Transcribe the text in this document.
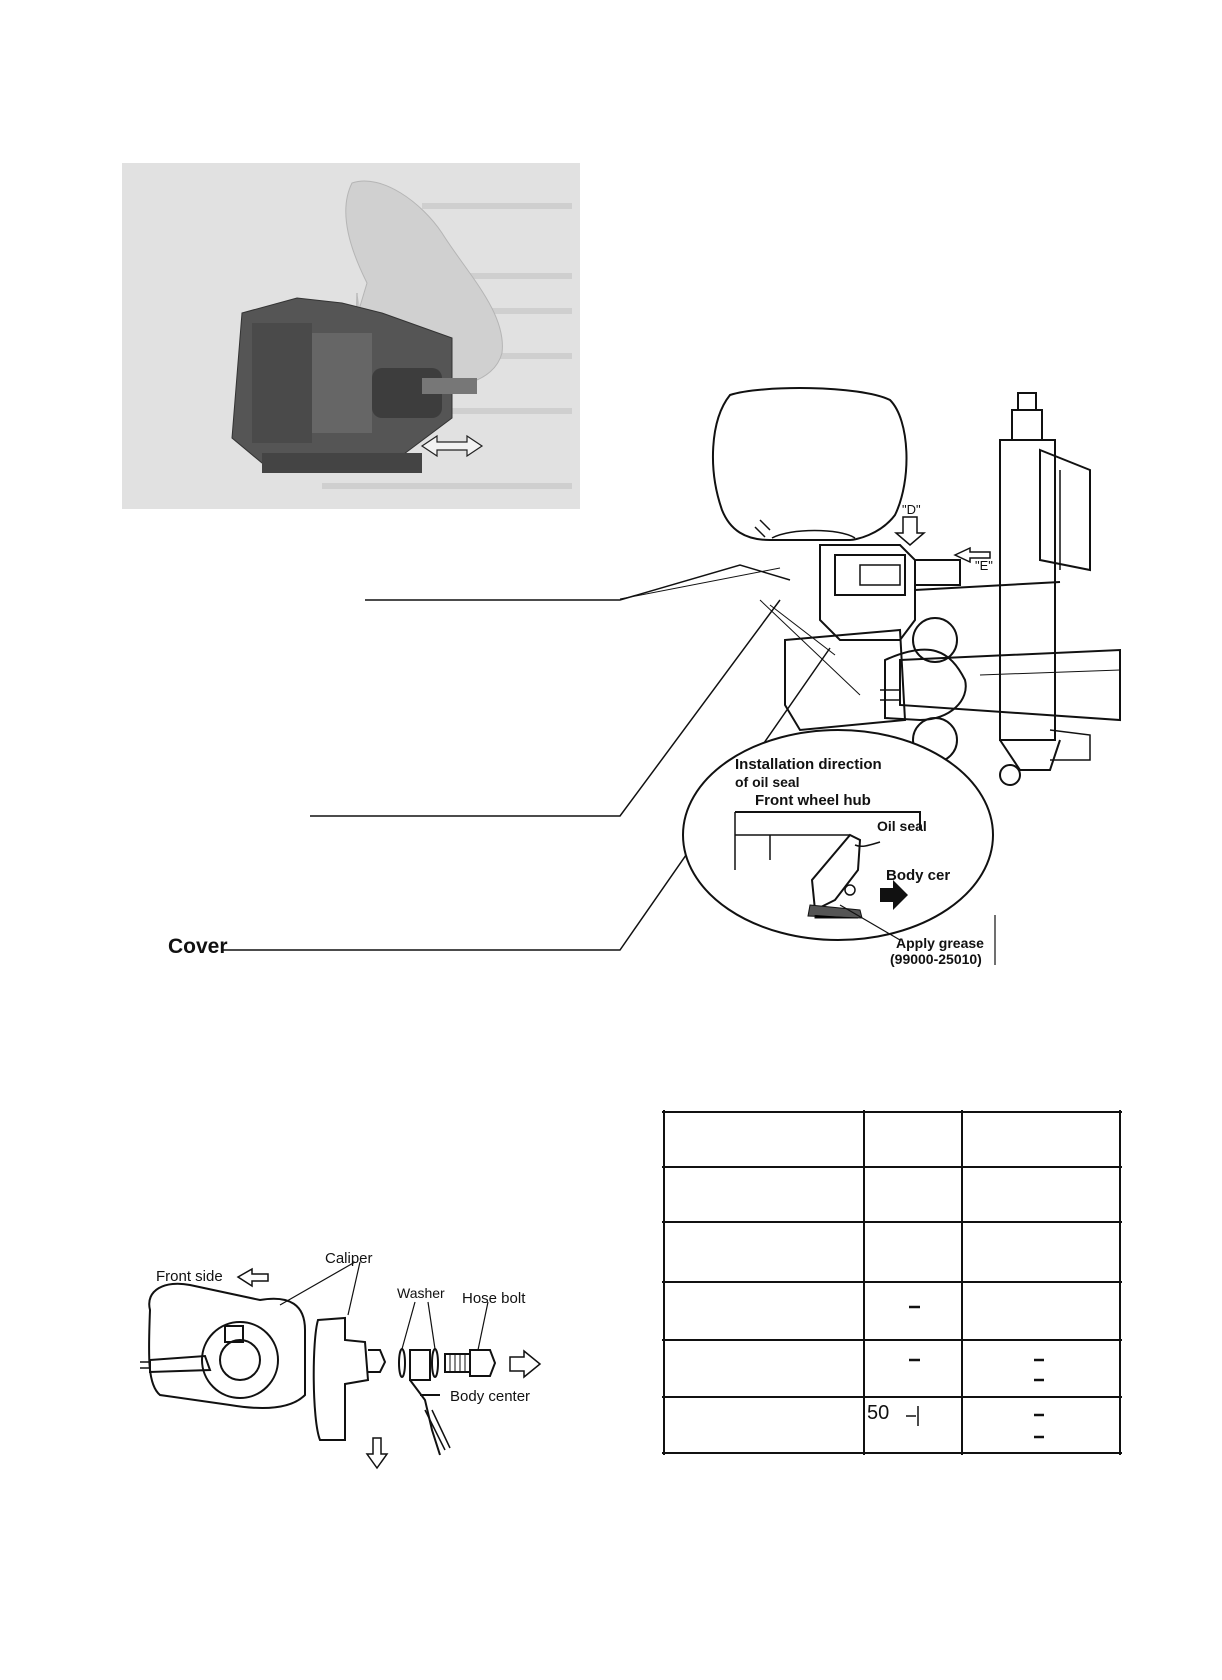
Cover
Installation direction
of oil seal
Front wheel hub
Oil seal
Body cer
Apply grease
(99000-25010)
"D"
"E"
Front side
Caliper
Washer Hose bolt
Body center
50
